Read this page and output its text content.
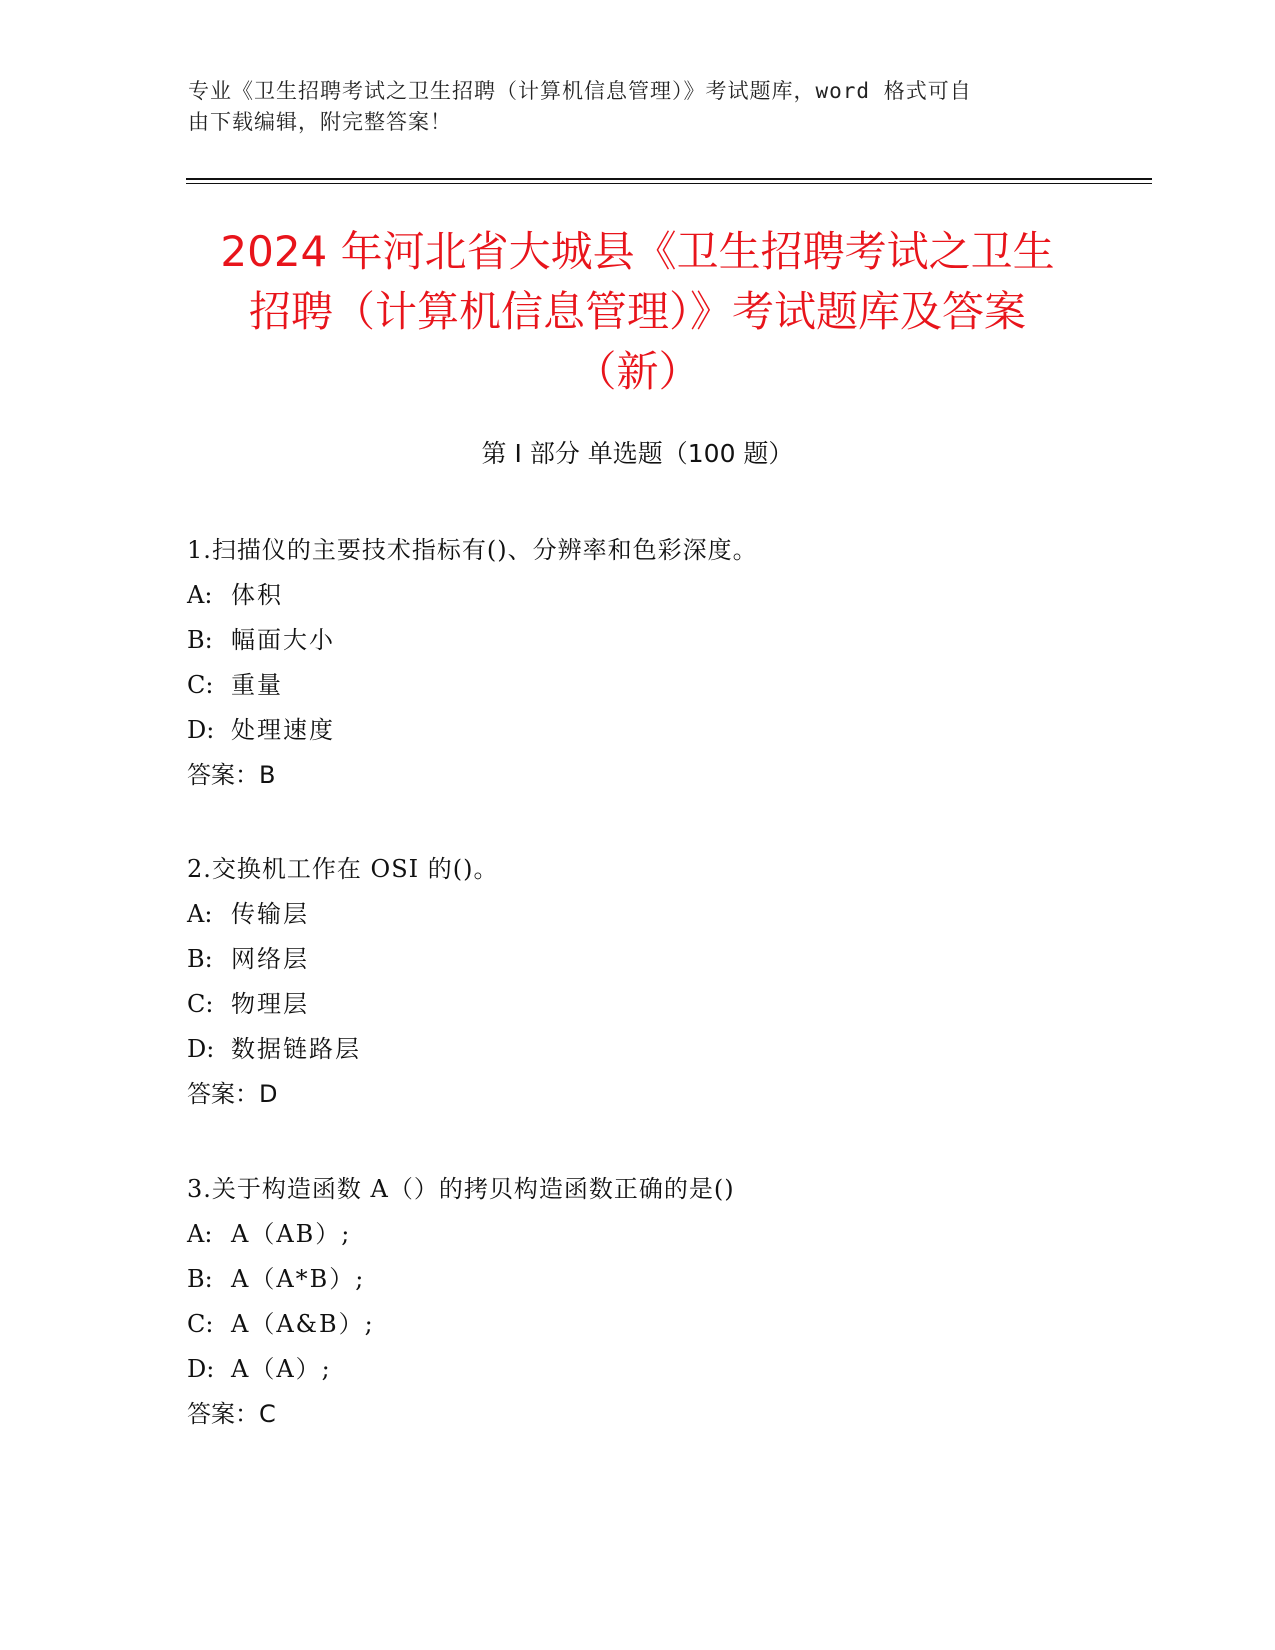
专业《卫生招聘考试之卫生招聘（计算机信息管理）》考试题库，word 格式可自
由下载编辑，附完整答案！
2024 年河北省大城县《卫生招聘考试之卫生
招聘（计算机信息管理）》考试题库及答案
（新）
第 I 部分 单选题（100 题）
1.扫描仪的主要技术指标有()、分辨率和色彩深度。
A: 体积
B: 幅面大小
C: 重量
D: 处理速度
答案：B
2.交换机工作在 OSI 的()。
A: 传输层
B: 网络层
C: 物理层
D: 数据链路层
答案：D
3.关于构造函数 A（）的拷贝构造函数正确的是()
A: A（AB）;
B: A（A*B）;
C: A（A&B）;
D: A（A）;
答案：C
